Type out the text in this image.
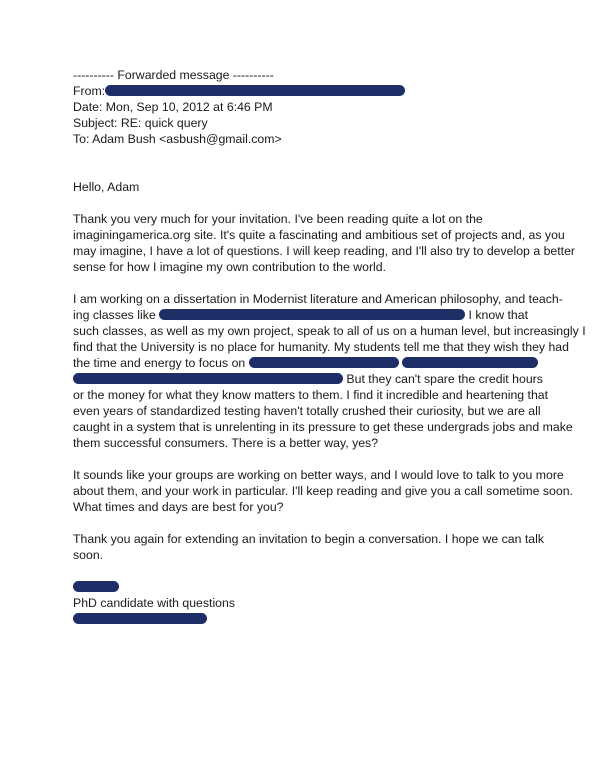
---------- Forwarded message ----------
From:
Date: Mon, Sep 10, 2012 at 6:46 PM
Subject: RE: quick query
To: Adam Bush <asbush@gmail.com>
Hello, Adam
Thank you very much for your invitation. I've been reading quite a lot on the
imaginingamerica.org site. It's quite a fascinating and ambitious set of projects and, as you
may imagine, I have a lot of questions. I will keep reading, and I'll also try to develop a better
sense for how I imagine my own contribution to the world.
I am working on a dissertation in Modernist literature and American philosophy, and teach-
ing classes like	I know that
such classes, as well as my own project, speak to all of us on a human level, but increasingly I
find that the University is no place for humanity. My students tell me that they wish they had
the time and energy to focus on
But they can't spare the credit hours
or the money for what they know matters to them. I find it incredible and heartening that
even years of standardized testing haven't totally crushed their curiosity, but we are all
caught in a system that is unrelenting in its pressure to get these undergrads jobs and make
them successful consumers. There is a better way, yes?
It sounds like your groups are working on better ways, and I would love to talk to you more
about them, and your work in particular. I'll keep reading and give you a call sometime soon.
What times and days are best for you?
Thank you again for extending an invitation to begin a conversation. I hope we can talk
soon.
PhD candidate with questions
